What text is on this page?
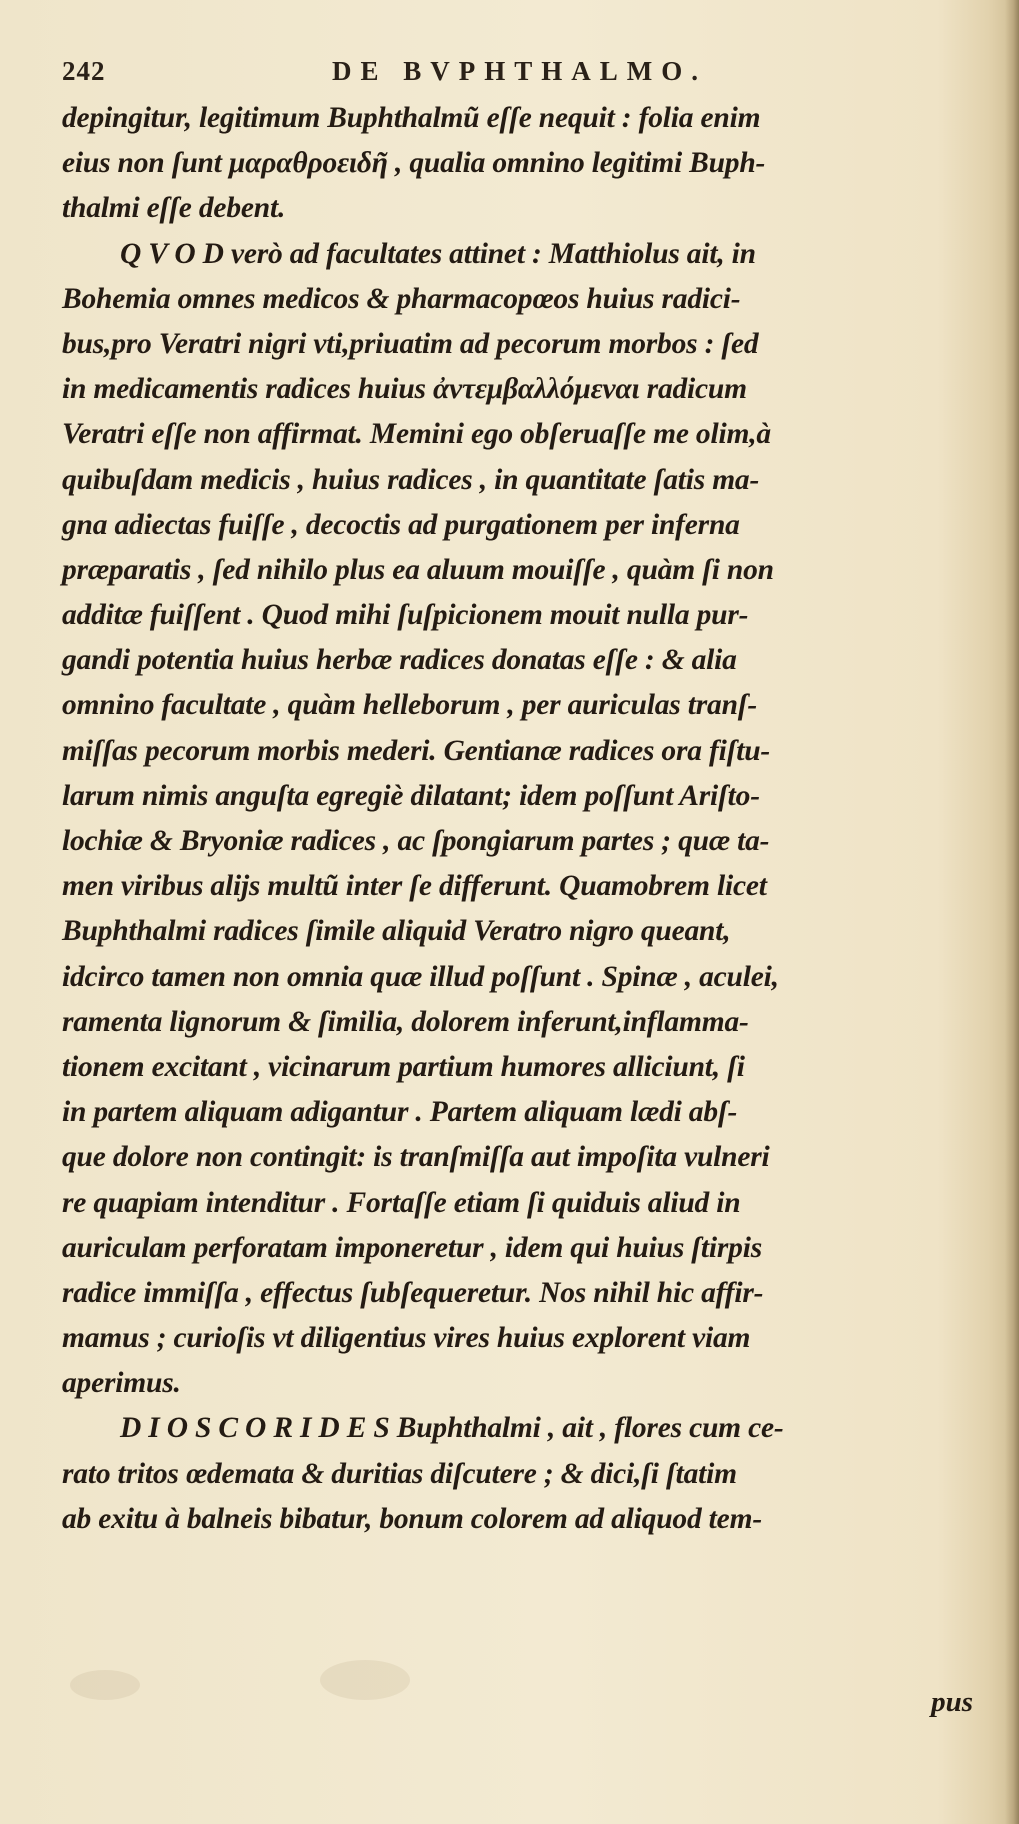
242	DE BVPHTHALMO.
depingitur, legitimum Buphthalmũ eſſe nequit : folia enim
eius non ſunt μαραθροειδῆ , qualia omnino legitimi Buph-
thalmi eſſe debent.
Q V O D verò ad facultates attinet : Matthiolus ait, in
Bohemia omnes medicos & pharmacopœos huius radici-
bus,pro Veratri nigri vti,priuatim ad pecorum morbos : ſed
in medicamentis radices huius ἀντεμβαλλόμεναι radicum
Veratri eſſe non affirmat. Memini ego obſeruaſſe me olim,à
quibuſdam medicis , huius radices , in quantitate ſatis ma-
gna adiectas fuiſſe , decoctis ad purgationem per inferna
præparatis , ſed nihilo plus ea aluum mouiſſe , quàm ſi non
additæ fuiſſent . Quod mihi ſuſpicionem mouit nulla pur-
gandi potentia huius herbæ radices donatas eſſe : & alia
omnino facultate , quàm helleborum , per auriculas tranſ-
miſſas pecorum morbis mederi. Gentianæ radices ora fiſtu-
larum nimis anguſta egregiè dilatant; idem poſſunt Ariſto-
lochiæ & Bryoniæ radices , ac ſpongiarum partes ; quæ ta-
men viribus alijs multũ inter ſe differunt. Quamobrem licet
Buphthalmi radices ſimile aliquid Veratro nigro queant,
idcirco tamen non omnia quæ illud poſſunt . Spinæ , aculei,
ramenta lignorum & ſimilia, dolorem inferunt,inflamma-
tionem excitant , vicinarum partium humores alliciunt, ſi
in partem aliquam adigantur . Partem aliquam lædi abſ-
que dolore non contingit: is tranſmiſſa aut impoſita vulneri
re quapiam intenditur . Fortaſſe etiam ſi quiduis aliud in
auriculam perforatam imponeretur , idem qui huius ſtirpis
radice immiſſa , effectus ſubſequeretur. Nos nihil hic affir-
mamus ; curioſis vt diligentius vires huius explorent viam
aperimus.
D I O S C O R I D E S Buphthalmi , ait , flores cum ce-
rato tritos œdemata & duritias diſcutere ; & dici,ſi ſtatim
ab exitu à balneis bibatur, bonum colorem ad aliquod tem-
pus
